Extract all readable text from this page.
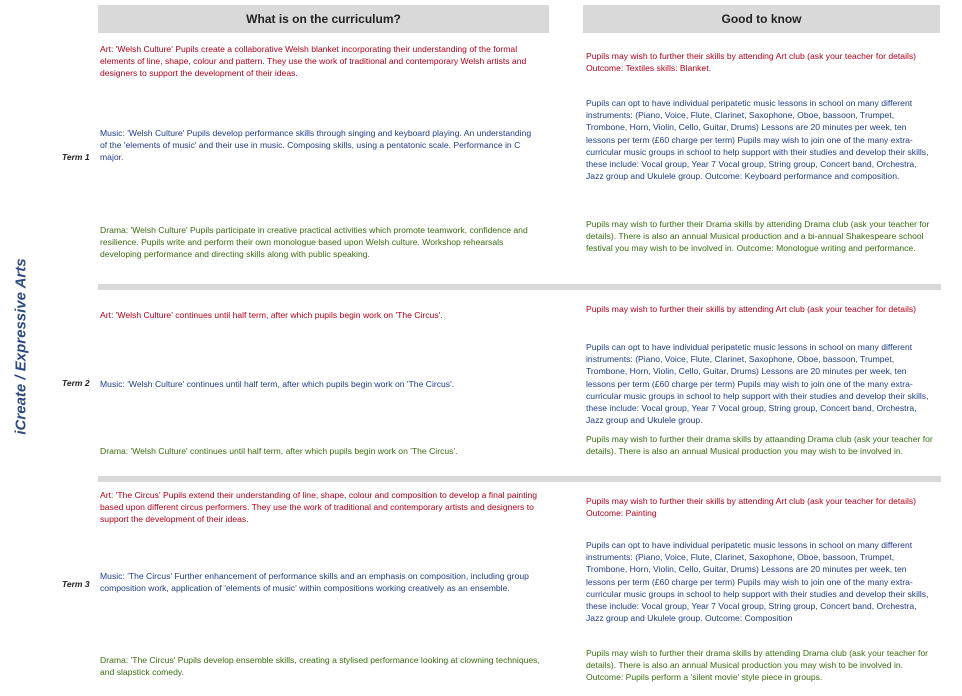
iCreate / Expressive Arts
What is on the curriculum?	Good to know
Term 1
Art: 'Welsh Culture' Pupils create a collaborative Welsh blanket incorporating their understanding of the formal elements of line, shape, colour and pattern. They use the work of traditional and contemporary Welsh artists and designers to support the development of their ideas.
Pupils may wish to further their skills by attending Art club (ask your teacher for details) Outcome: Textiles skills: Blanket.
Music: 'Welsh Culture' Pupils develop performance skills through singing and keyboard playing. An understanding of the 'elements of music' and their use in music. Composing skills, using a pentatonic scale. Performance in C major.
Pupils can opt to have individual peripatetic music lessons in school on many different instruments: (Piano, Voice, Flute, Clarinet, Saxophone, Oboe, bassoon, Trumpet, Trombone, Horn, Violin, Cello, Guitar, Drums) Lessons are 20 minutes per week, ten lessons per term (£60 charge per term) Pupils may wish to join one of the many extra-curricular music groups in school to help support with their studies and develop their skills, these include: Vocal group, Year 7 Vocal group, String group, Concert band, Orchestra, Jazz group and Ukulele group. Outcome: Keyboard performance and composition.
Drama: 'Welsh Culture' Pupils participate in creative practical activities which promote teamwork, confidence and resilience. Pupils write and perform their own monologue based upon Welsh culture. Workshop rehearsals developing performance and directing skills along with public speaking.
Pupils may wish to further their Drama skills by attending Drama club (ask your teacher for details). There is also an annual Musical production and a bi-annual Shakespeare school festival you may wish to be involved in. Outcome: Monologue writing and performance.
Term 2
Art: 'Welsh Culture' continues until half term, after which pupils begin work on 'The Circus'.
Pupils may wish to further their skills by attending Art club (ask your teacher for details)
Music: 'Welsh Culture' continues until half term, after which pupils begin work on 'The Circus'.
Pupils can opt to have individual peripatetic music lessons in school on many different instruments: (Piano, Voice, Flute, Clarinet, Saxophone, Oboe, bassoon, Trumpet, Trombone, Horn, Violin, Cello, Guitar, Drums) Lessons are 20 minutes per week, ten lessons per term (£60 charge per term) Pupils may wish to join one of the many extra-curricular music groups in school to help support with their studies and develop their skills, these include: Vocal group, Year 7 Vocal group, String group, Concert band, Orchestra, Jazz group and Ukulele group.
Drama: 'Welsh Culture' continues until half term, after which pupils begin work on 'The Circus'.
Pupils may wish to further their drama skills by attaanding Drama club (ask your teacher for details). There is also an annual Musical production you may wish to be involved in.
Term 3
Art: 'The Circus' Pupils extend their understanding of line, shape, colour and composition to develop a final painting based upon different circus performers. They use the work of traditional and contemporary artists and designers to support the development of their ideas.
Pupils may wish to further their skills by attending Art club (ask your teacher for details) Outcome: Painting
Music: 'The Circus' Further enhancement of performance skills and an emphasis on composition, including group composition work, application of 'elements of music' within compositions working creatively as an ensemble.
Pupils can opt to have individual peripatetic music lessons in school on many different instruments: (Piano, Voice, Flute, Clarinet, Saxophone, Oboe, bassoon, Trumpet, Trombone, Horn, Violin, Cello, Guitar, Drums) Lessons are 20 minutes per week, ten lessons per term (£60 charge per term) Pupils may wish to join one of the many extra-curricular music groups in school to help support with their studies and develop their skills, these include: Vocal group, Year 7 Vocal group, String group, Concert band, Orchestra, Jazz group and Ukulele group. Outcome: Composition
Drama: 'The Circus' Pupils develop ensemble skills, creating a stylised performance looking at clowning techniques, and slapstick comedy.
Pupils may wish to further their drama skills by attending Drama club (ask your teacher for details). There is also an annual Musical production you may wish to be involved in. Outcome: Pupils perform a 'silent movie' style piece in groups.
